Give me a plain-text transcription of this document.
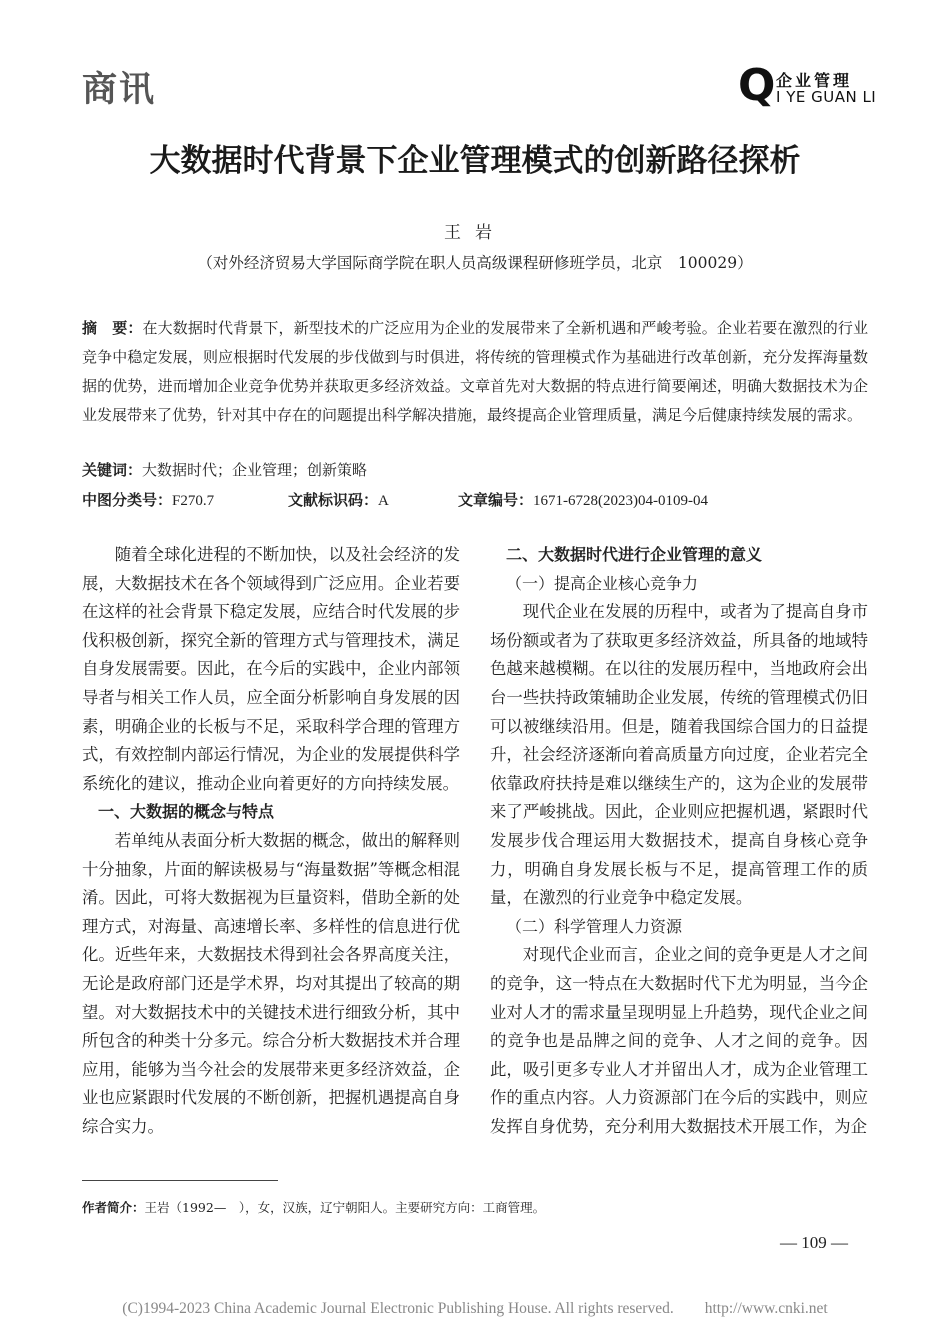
商讯	Q 企业管理
I YE GUAN LI
大数据时代背景下企业管理模式的创新路径探析
王岩
（对外经济贸易大学国际商学院在职人员高级课程研修班学员，北京　100029）
摘　要：在大数据时代背景下，新型技术的广泛应用为企业的发展带来了全新机遇和严峻考验。企业若要在激烈的行业竞争中稳定发展，则应根据时代发展的步伐做到与时俱进，将传统的管理模式作为基础进行改革创新，充分发挥海量数据的优势，进而增加企业竞争优势并获取更多经济效益。文章首先对大数据的特点进行简要阐述，明确大数据技术为企业发展带来了优势，针对其中存在的问题提出科学解决措施，最终提高企业管理质量，满足今后健康持续发展的需求。
关键词：大数据时代；企业管理；创新策略
中图分类号：F270.7	文献标识码：A	文章编号：1671-6728(2023)04-0109-04

随着全球化进程的不断加快，以及社会经济的发展，大数据技术在各个领域得到广泛应用。企业若要在这样的社会背景下稳定发展，应结合时代发展的步伐积极创新，探究全新的管理方式与管理技术，满足自身发展需要。因此，在今后的实践中，企业内部领导者与相关工作人员，应全面分析影响自身发展的因素，明确企业的长板与不足，采取科学合理的管理方式，有效控制内部运行情况，为企业的发展提供科学系统化的建议，推动企业向着更好的方向持续发展。

一、大数据的概念与特点

若单纯从表面分析大数据的概念，做出的解释则十分抽象，片面的解读极易与“海量数据”等概念相混淆。因此，可将大数据视为巨量资料，借助全新的处理方式，对海量、高速增长率、多样性的信息进行优化。近些年来，大数据技术得到社会各界高度关注，无论是政府部门还是学术界，均对其提出了较高的期望。对大数据技术中的关键技术进行细致分析，其中所包含的种类十分多元。综合分析大数据技术并合理应用，能够为当今社会的发展带来更多经济效益，企业也应紧跟时代发展的不断创新，把握机遇提高自身综合实力。

二、大数据时代进行企业管理的意义
（一）提高企业核心竞争力

现代企业在发展的历程中，或者为了提高自身市场份额或者为了获取更多经济效益，所具备的地域特色越来越模糊。在以往的发展历程中，当地政府会出台一些扶持政策辅助企业发展，传统的管理模式仍旧可以被继续沿用。但是，随着我国综合国力的日益提升，社会经济逐渐向着高质量方向过度，企业若完全依靠政府扶持是难以继续生产的，这为企业的发展带来了严峻挑战。因此，企业则应把握机遇，紧跟时代发展步伐合理运用大数据技术，提高自身核心竞争力，明确自身发展长板与不足，提高管理工作的质量，在激烈的行业竞争中稳定发展。

（二）科学管理人力资源

对现代企业而言，企业之间的竞争更是人才之间的竞争，这一特点在大数据时代下尤为明显，当今企业对人才的需求量呈现明显上升趋势，现代企业之间的竞争也是品牌之间的竞争、人才之间的竞争。因此，吸引更多专业人才并留出人才，成为企业管理工作的重点内容。人力资源部门在今后的实践中，则应发挥自身优势，充分利用大数据技术开展工作，为企

作者简介：王岩（1992—　），女，汉族，辽宁朝阳人。主要研究方向：工商管理。
— 109 —
(C)1994-2023 China Academic Journal Electronic Publishing House. All rights reserved.　　http://www.cnki.net
